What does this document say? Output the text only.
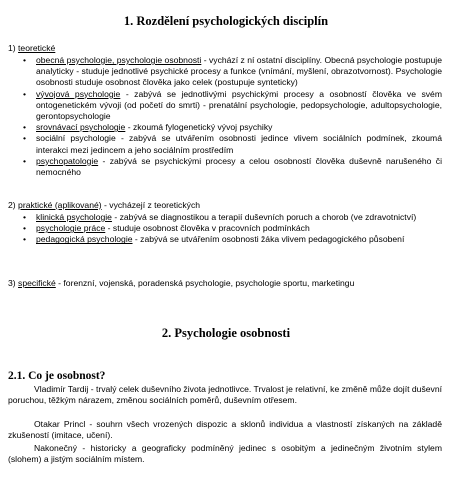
1. Rozdělení psychologických disciplín
1) teoretické
• obecná psychologie, psychologie osobnosti - vychází z ní ostatní disciplíny. Obecná psychologie postupuje analyticky - studuje jednotlivé psychické procesy a funkce (vnímání, myšlení, obrazotvornost). Psychologie osobnosti studuje osobnost člověka jako celek (postupuje synteticky)
• vývojová psychologie - zabývá se jednotlivými psychickými procesy a osobností člověka ve svém ontogenetickém vývoji (od početí do smrti) - prenatální psychologie, pedopsychologie, adultopsychologie, gerontopsychologie
• srovnávací psychologie - zkoumá fylogenetický vývoj psychiky
• sociální psychologie - zabývá se utvářením osobnosti jedince vlivem sociálních podmínek, zkoumá interakci mezi jedincem a jeho sociálním prostředím
• psychopatologie - zabývá se psychickými procesy a celou osobností člověka duševně narušeného či nemocného
2) praktické (aplikované) - vycházejí z teoretických
• klinická psychologie - zabývá se diagnostikou a terapií duševních poruch a chorob (ve zdravotnictví)
• psychologie práce - studuje osobnost člověka v pracovních podmínkách
• pedagogická psychologie - zabývá se utvářením osobnosti žáka vlivem pedagogického působení
3) specifické - forenzní, vojenská, poradenská psychologie, psychologie sportu, marketingu
2. Psychologie osobnosti
2.1. Co je osobnost?
Vladimír Tardij - trvalý celek duševního života jednotlivce. Trvalost je relativní, ke změně může dojít duševní poruchou, těžkým nárazem, změnou sociálních poměrů, duševním otřesem.
Otakar Princl - souhrn všech vrozených dispozic a sklonů individua a vlastností získaných na základě zkušeností (imitace, učení).
Nakonečný - historicky a geograficky podmíněný jedinec s osobitým a jedinečným životním stylem (slohem) a jistým sociálním místem.
